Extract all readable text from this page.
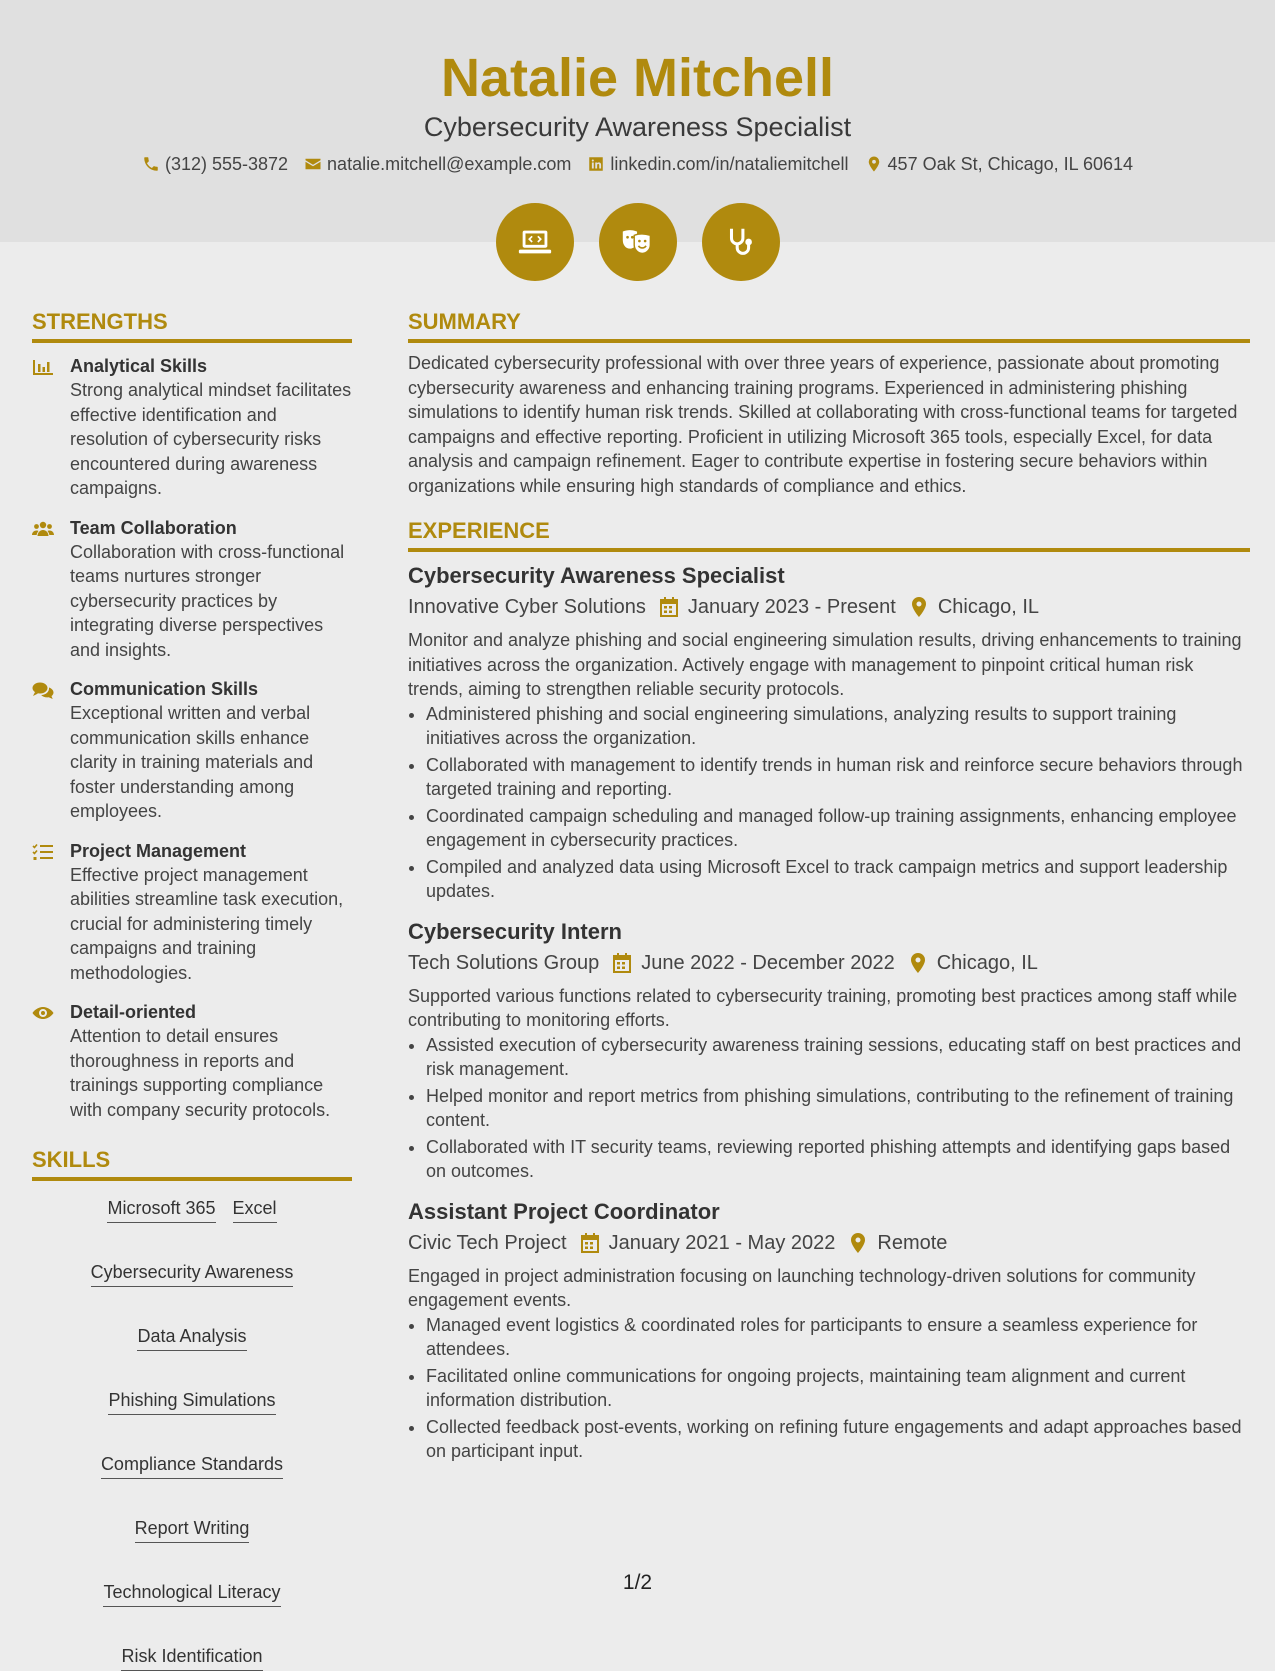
Natalie Mitchell
Cybersecurity Awareness Specialist
(312) 555-3872 natalie.mitchell@example.com linkedin.com/in/nataliemitchell 457 Oak St, Chicago, IL 60614
STRENGTHS
Analytical Skills

Strong analytical mindset facilitates effective identification and resolution of cybersecurity risks encountered during awareness campaigns.

Team Collaboration

Collaboration with cross-functional teams nurtures stronger cybersecurity practices by integrating diverse perspectives and insights.

Communication Skills

Exceptional written and verbal communication skills enhance clarity in training materials and foster understanding among employees.

Project Management

Effective project management abilities streamline task execution, crucial for administering timely campaigns and training methodologies.

Detail-oriented

Attention to detail ensures thoroughness in reports and trainings supporting compliance with company security protocols.

SKILLS
Microsoft 365 Excel
Cybersecurity Awareness
Data Analysis
Phishing Simulations
Compliance Standards
Report Writing
Technological Literacy
Risk Identification
SUMMARY

Dedicated cybersecurity professional with over three years of experience, passionate about promoting cybersecurity awareness and enhancing training programs. Experienced in administering phishing simulations to identify human risk trends. Skilled at collaborating with cross-functional teams for targeted campaigns and effective reporting. Proficient in utilizing Microsoft 365 tools, especially Excel, for data analysis and campaign refinement. Eager to contribute expertise in fostering secure behaviors within organizations while ensuring high standards of compliance and ethics.

EXPERIENCE
Cybersecurity Awareness Specialist
Innovative Cyber Solutions January 2023 - Present Chicago, IL

Monitor and analyze phishing and social engineering simulation results, driving enhancements to training initiatives across the organization. Actively engage with management to pinpoint critical human risk trends, aiming to strengthen reliable security protocols.

• Administered phishing and social engineering simulations, analyzing results to support training initiatives across the organization.
• Collaborated with management to identify trends in human risk and reinforce secure behaviors through targeted training and reporting.
• Coordinated campaign scheduling and managed follow-up training assignments, enhancing employee engagement in cybersecurity practices.
• Compiled and analyzed data using Microsoft Excel to track campaign metrics and support leadership updates.
Cybersecurity Intern
Tech Solutions Group June 2022 - December 2022 Chicago, IL

Supported various functions related to cybersecurity training, promoting best practices among staff while contributing to monitoring efforts.

• Assisted execution of cybersecurity awareness training sessions, educating staff on best practices and risk management.
• Helped monitor and report metrics from phishing simulations, contributing to the refinement of training content.
• Collaborated with IT security teams, reviewing reported phishing attempts and identifying gaps based on outcomes.
Assistant Project Coordinator
Civic Tech Project January 2021 - May 2022 Remote

Engaged in project administration focusing on launching technology-driven solutions for community engagement events.

• Managed event logistics & coordinated roles for participants to ensure a seamless experience for attendees.
• Facilitated online communications for ongoing projects, maintaining team alignment and current information distribution.
• Collected feedback post-events, working on refining future engagements and adapt approaches based on participant input.
1/2
